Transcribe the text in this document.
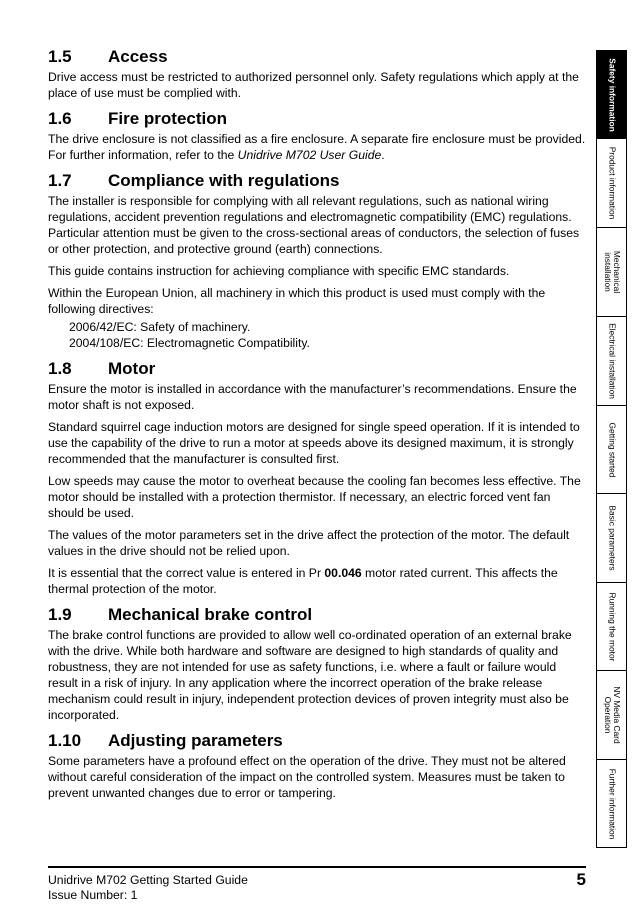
1.5	Access

Drive access must be restricted to authorized personnel only. Safety regulations which apply at the place of use must be complied with.

1.6	Fire protection

The drive enclosure is not classified as a fire enclosure. A separate fire enclosure must be provided. For further information, refer to the Unidrive M702 User Guide.

1.7	Compliance with regulations

The installer is responsible for complying with all relevant regulations, such as national wiring regulations, accident prevention regulations and electromagnetic compatibility (EMC) regulations. Particular attention must be given to the cross-sectional areas of conductors, the selection of fuses or other protection, and protective ground (earth) connections.

This guide contains instruction for achieving compliance with specific EMC standards.

Within the European Union, all machinery in which this product is used must comply with the following directives:

2006/42/EC: Safety of machinery.
2004/108/EC: Electromagnetic Compatibility.
1.8	Motor

Ensure the motor is installed in accordance with the manufacturer’s recommendations. Ensure the motor shaft is not exposed.

Standard squirrel cage induction motors are designed for single speed operation. If it is intended to use the capability of the drive to run a motor at speeds above its designed maximum, it is strongly recommended that the manufacturer is consulted first.

Low speeds may cause the motor to overheat because the cooling fan becomes less effective. The motor should be installed with a protection thermistor. If necessary, an electric forced vent fan should be used.

The values of the motor parameters set in the drive affect the protection of the motor. The default values in the drive should not be relied upon.

It is essential that the correct value is entered in Pr 00.046 motor rated current. This affects the thermal protection of the motor.

1.9	Mechanical brake control

The brake control functions are provided to allow well co-ordinated operation of an external brake with the drive. While both hardware and software are designed to high standards of quality and robustness, they are not intended for use as safety functions, i.e. where a fault or failure would result in a risk of injury. In any application where the incorrect operation of the brake release mechanism could result in injury, independent protection devices of proven integrity must also be incorporated.

1.10	Adjusting parameters

Some parameters have a profound effect on the operation of the drive. They must not be altered without careful consideration of the impact on the controlled system. Measures must be taken to prevent unwanted changes due to error or tampering.

Safety information
Product information
Mechanical
installation
Electrical installation
Getting started
Basic parameters
Running the motor
NV Media Card
Operation
Further information
Unidrive M702 Getting Started Guide
Issue Number: 1
5
